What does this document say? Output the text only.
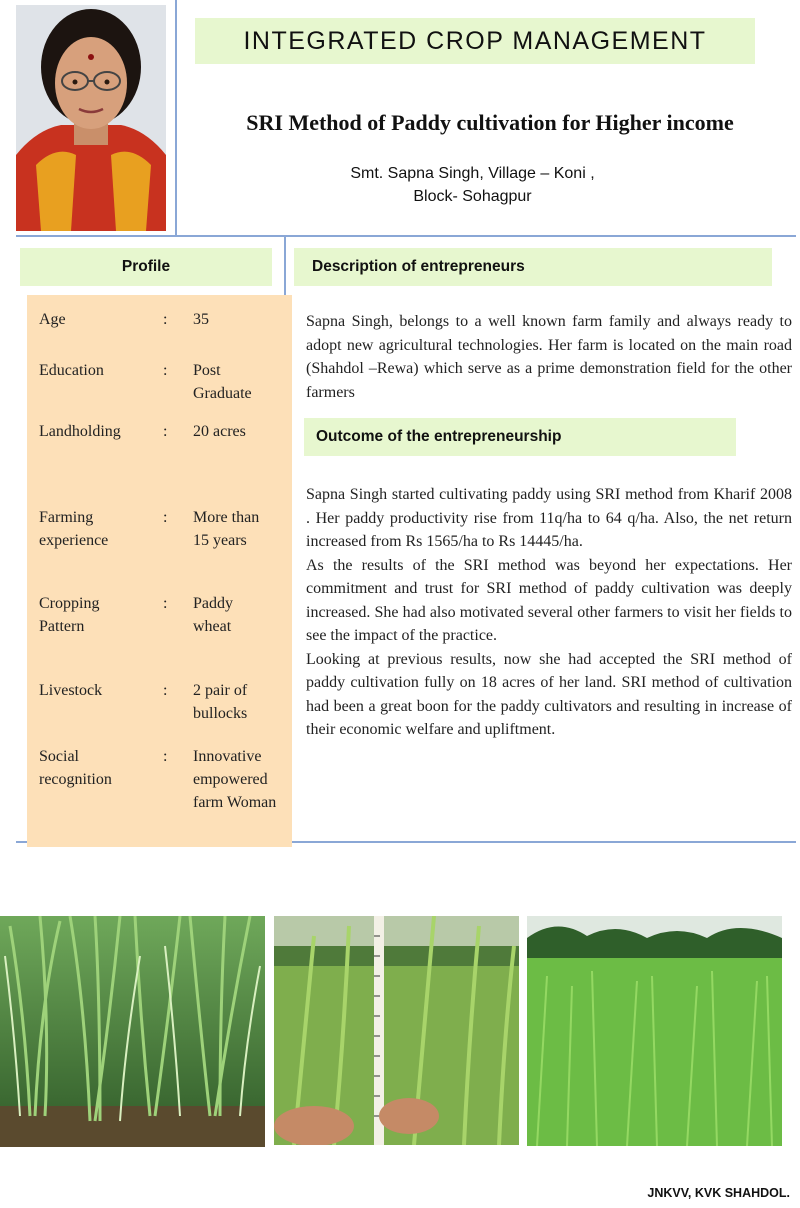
INTEGRATED CROP MANAGEMENT
SRI Method of Paddy cultivation for Higher income
Smt. Sapna Singh, Village – Koni ,
Block- Sohagpur
Profile	Description of entrepreneurs
Outcome of the entrepreneurship
Age	: 35
Education	: Post Graduate
Landholding	: 20 acres
Farming experience
: More than 15 years
Cropping Pattern
: Paddy wheat
Livestock	: 2 pair of bullocks
Social recognition
: Innovative empowered farm Woman
Sapna Singh, belongs to a well known farm family and always ready to adopt new agricultural technologies. Her farm is located on the main road (Shahdol –Rewa) which serve as a prime demonstration field for the other farmers

Sapna Singh started cultivating paddy using SRI method from Kharif 2008 . Her paddy productivity rise from 11q/ha to 64 q/ha. Also, the net return increased from Rs 1565/ha to Rs 14445/ha.

As the results of the SRI method was beyond her expectations. Her commitment and trust for SRI method of paddy cultivation was deeply increased. She had also motivated several other farmers to visit her fields to see the impact of the practice.

Looking at previous results, now she had accepted the SRI method of paddy cultivation fully on 18 acres of her land. SRI method of cultivation had been a great boon for the paddy cultivators and resulting in increase of their economic welfare and upliftment.

JNKVV, KVK SHAHDOL.
